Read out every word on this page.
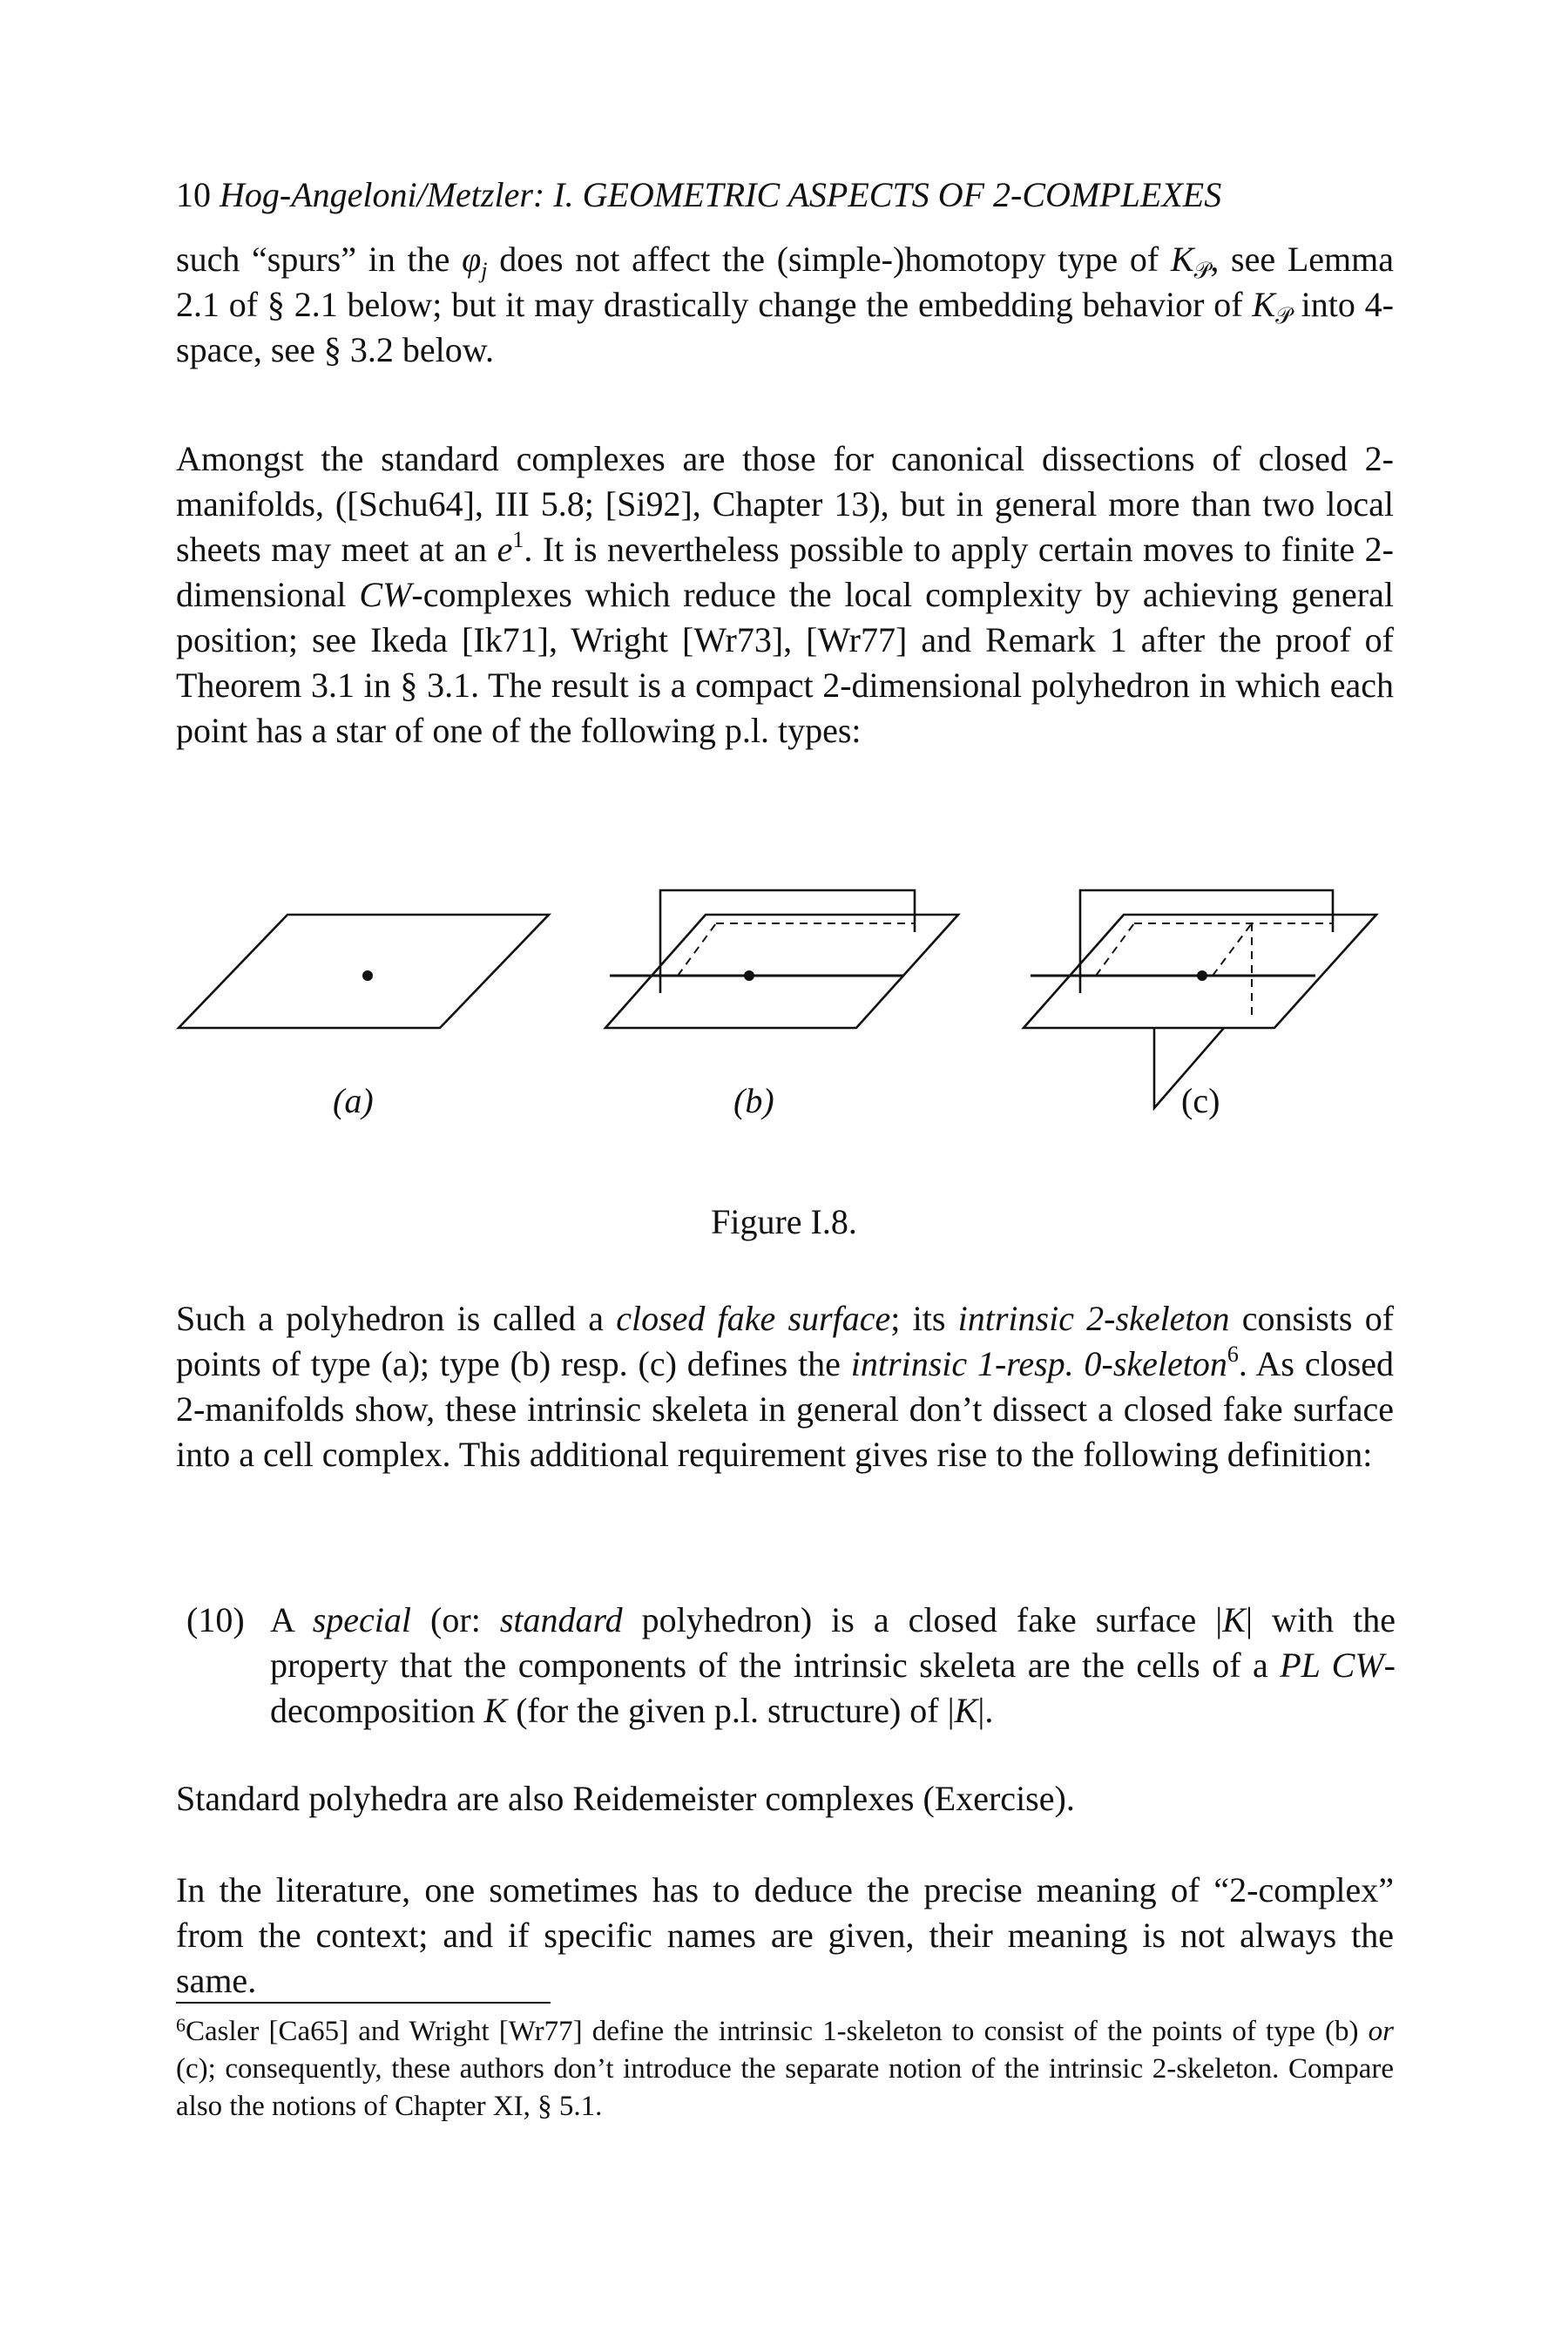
10 Hog-Angeloni/Metzler: I. GEOMETRIC ASPECTS OF 2-COMPLEXES

such “spurs” in the $\varphi_j$ does not affect the (simple-)homotopy type of $K_𝒫$, see Lemma 2.1 of § 2.1 below; but it may drastically change the embedding behavior of $K_𝒫$ into 4-space, see § 3.2 below.

Amongst the standard complexes are those for canonical dissections of closed 2-manifolds, ([Schu64], III 5.8; [Si92], Chapter 13), but in general more than two local sheets may meet at an $e^1$. It is nevertheless possible to apply certain moves to finite 2-dimensional CW-complexes which reduce the local complexity by achieving general position; see Ikeda [Ik71], Wright [Wr73], [Wr77] and Remark 1 after the proof of Theorem 3.1 in § 3.1. The result is a compact 2-dimensional polyhedron in which each point has a star of one of the following p.l. types:

(a)	(b)	(c)
Figure I.8.

Such a polyhedron is called a closed fake surface; its intrinsic 2-skeleton consists of points of type (a); type (b) resp. (c) defines the intrinsic 1-resp. 0-skeleton$^6$. As closed 2-manifolds show, these intrinsic skeleta in general don’t dissect a closed fake surface into a cell complex. This additional requirement gives rise to the following definition:

(10) A special (or: standard polyhedron) is a closed fake surface |K| with the property that the components of the intrinsic skeleta are the cells of a PL CW-decomposition K (for the given p.l. structure) of |K|.

Standard polyhedra are also Reidemeister complexes (Exercise).

In the literature, one sometimes has to deduce the precise meaning of “2-complex” from the context; and if specific names are given, their meaning is not always the same.

$^6$Casler [Ca65] and Wright [Wr77] define the intrinsic 1-skeleton to consist of the points of type (b) or (c); consequently, these authors don’t introduce the separate notion of the intrinsic 2-skeleton. Compare also the notions of Chapter XI, § 5.1.
